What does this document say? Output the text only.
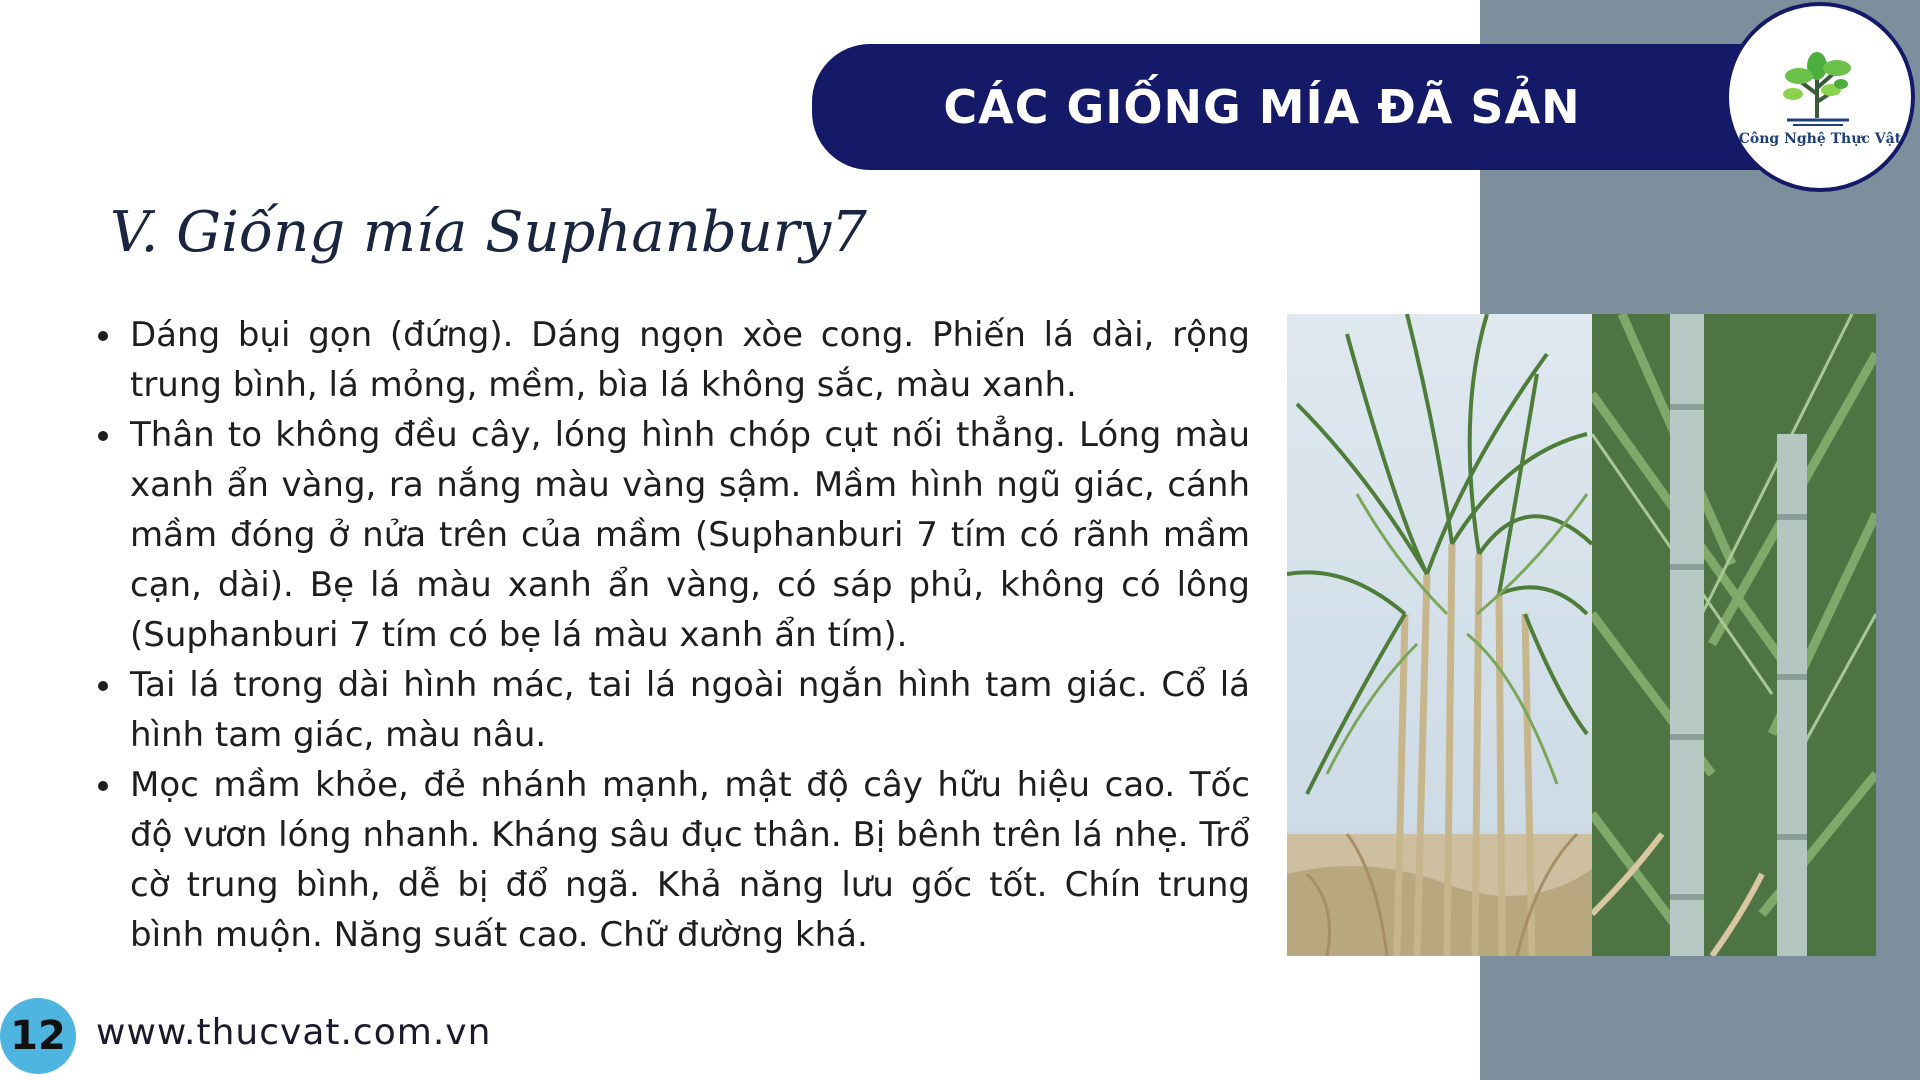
CÁC GIỐNG MÍA ĐÃ SẢN XUẤT
Công Nghệ Thực Vật
V. Giống mía Suphanbury7
Dáng bụi gọn (đứng). Dáng ngọn xòe cong. Phiến lá dài, rộng trung bình, lá mỏng, mềm, bìa lá không sắc, màu xanh.
Thân to không đều cây, lóng hình chóp cụt nối thẳng. Lóng màu xanh ẩn vàng, ra nắng màu vàng sậm. Mầm hình ngũ giác, cánh mầm đóng ở nửa trên của mầm (Suphanburi 7 tím có rãnh mầm cạn, dài). Bẹ lá màu xanh ẩn vàng, có sáp phủ, không có lông (Suphanburi 7 tím có bẹ lá màu xanh ẩn tím).
Tai lá trong dài hình mác, tai lá ngoài ngắn hình tam giác. Cổ lá hình tam giác, màu nâu.
Mọc mầm khỏe, đẻ nhánh mạnh, mật độ cây hữu hiệu cao. Tốc độ vươn lóng nhanh. Kháng sâu đục thân. Bị bênh trên lá nhẹ. Trổ cờ trung bình, dễ bị đổ ngã. Khả năng lưu gốc tốt. Chín trung bình muộn. Năng suất cao. Chữ đường khá.
12 www.thucvat.com.vn
